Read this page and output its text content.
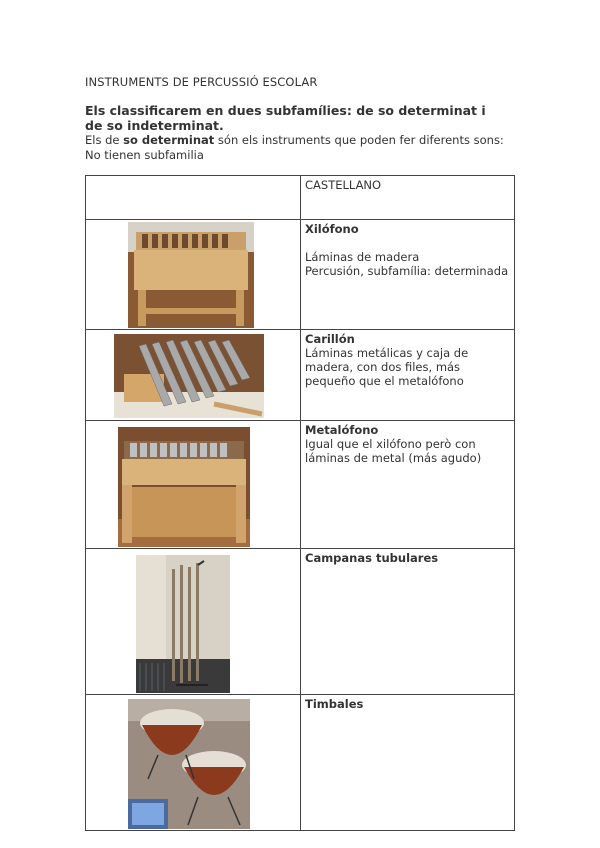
INSTRUMENTS DE PERCUSSIÓ ESCOLAR
Els classificarem en dues subfamílies: de so determinat i de so indeterminat.
Els de so determinat són els instruments que poden fer diferents sons:
No tienen subfamilia
	CASTELLANO

Xilófono
Láminas de madera
Percusión, subfamília: determinada

Carillón
Láminas metálicas y caja de madera, con dos files, más pequeño que el metalófono

Metalófono
Igual que el xilófono però con láminas de metal (más agudo)

Campanas tubulares

Timbales
